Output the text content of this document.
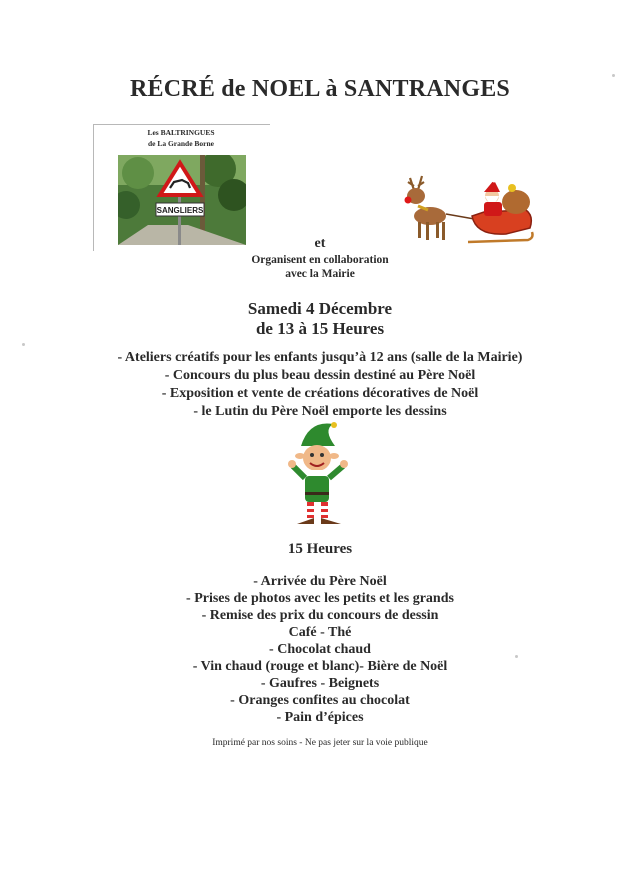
RÉCRÉ de NOEL à SANTRANGES
Les BALTRINGUES
de La Grande Borne
SANGLIERS
et
Organisent en collaboration
avec la Mairie
Samedi 4 Décembre
de 13 à 15 Heures
- Ateliers créatifs pour les enfants jusqu’à 12 ans (salle de la Mairie)
- Concours du plus beau dessin destiné au Père Noël
- Exposition et vente de créations décoratives de Noël
- le Lutin du Père Noël emporte les dessins
15 Heures
- Arrivée du Père Noël
- Prises de photos avec les petits et les grands
- Remise des prix du concours de dessin
Café - Thé
- Chocolat chaud
- Vin chaud (rouge et blanc)- Bière de Noël
- Gaufres - Beignets
- Oranges confites au chocolat
- Pain d’épices
Imprimé par nos soins - Ne pas jeter sur la voie publique
